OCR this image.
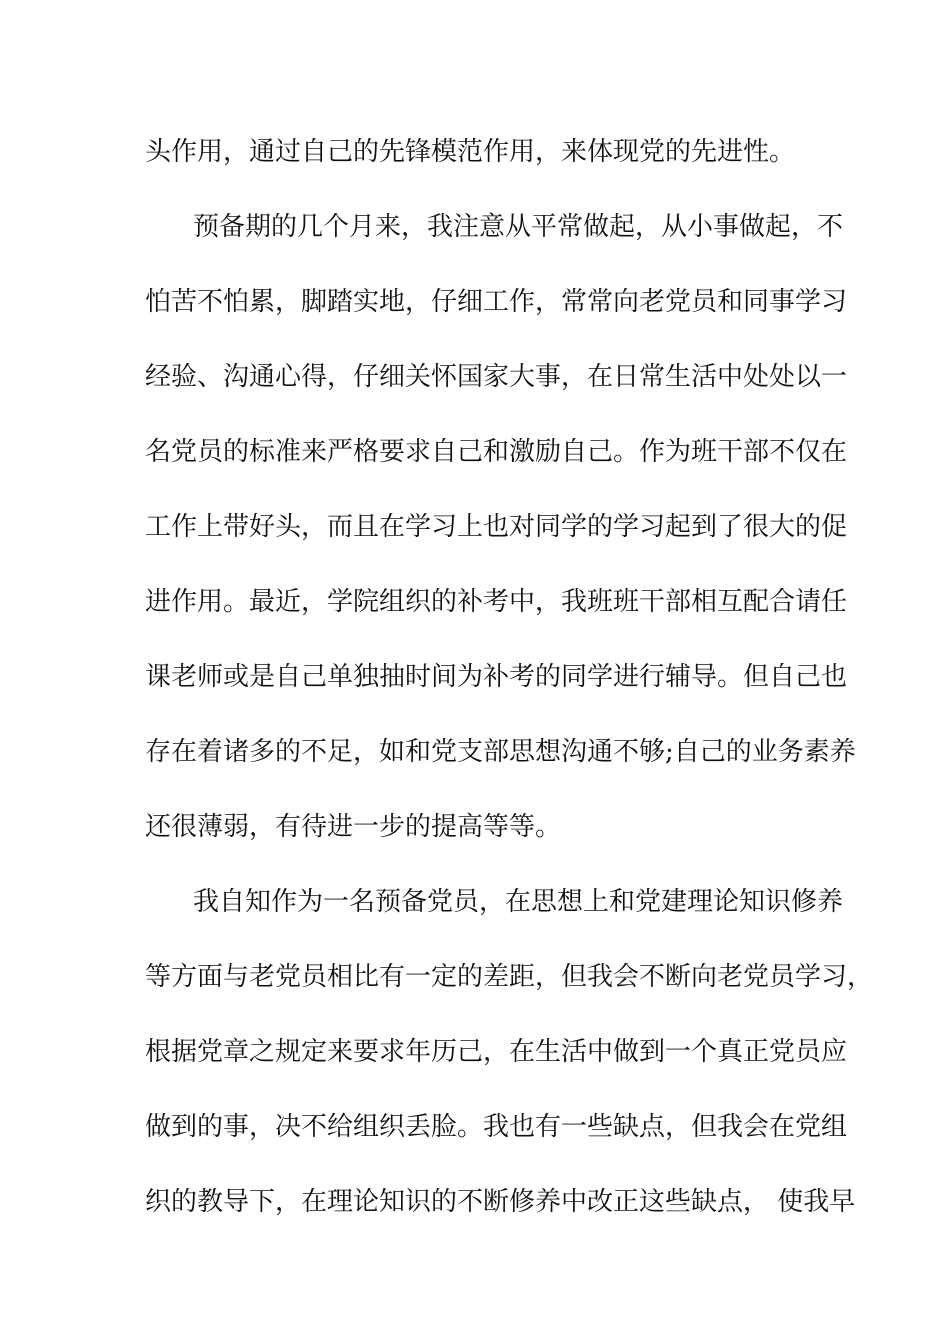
头作用，通过自己的先锋模范作用，来体现党的先进性。
预备期的几个月来，我注意从平常做起，从小事做起，不
怕苦不怕累，脚踏实地，仔细工作，常常向老党员和同事学习
经验、沟通心得，仔细关怀国家大事，在日常生活中处处以一
名党员的标准来严格要求自己和激励自己。作为班干部不仅在
工作上带好头，而且在学习上也对同学的学习起到了很大的促
进作用。最近，学院组织的补考中，我班班干部相互配合请任
课老师或是自己单独抽时间为补考的同学进行辅导。但自己也
存在着诸多的不足，如和党支部思想沟通不够;自己的业务素养
还很薄弱，有待进一步的提高等等。
我自知作为一名预备党员，在思想上和党建理论知识修养
等方面与老党员相比有一定的差距，但我会不断向老党员学习，
根据党章之规定来要求年历己，在生活中做到一个真正党员应
做到的事，决不给组织丢脸。我也有一些缺点，但我会在党组
织的教导下，在理论知识的不断修养中改正这些缺点， 使我早
